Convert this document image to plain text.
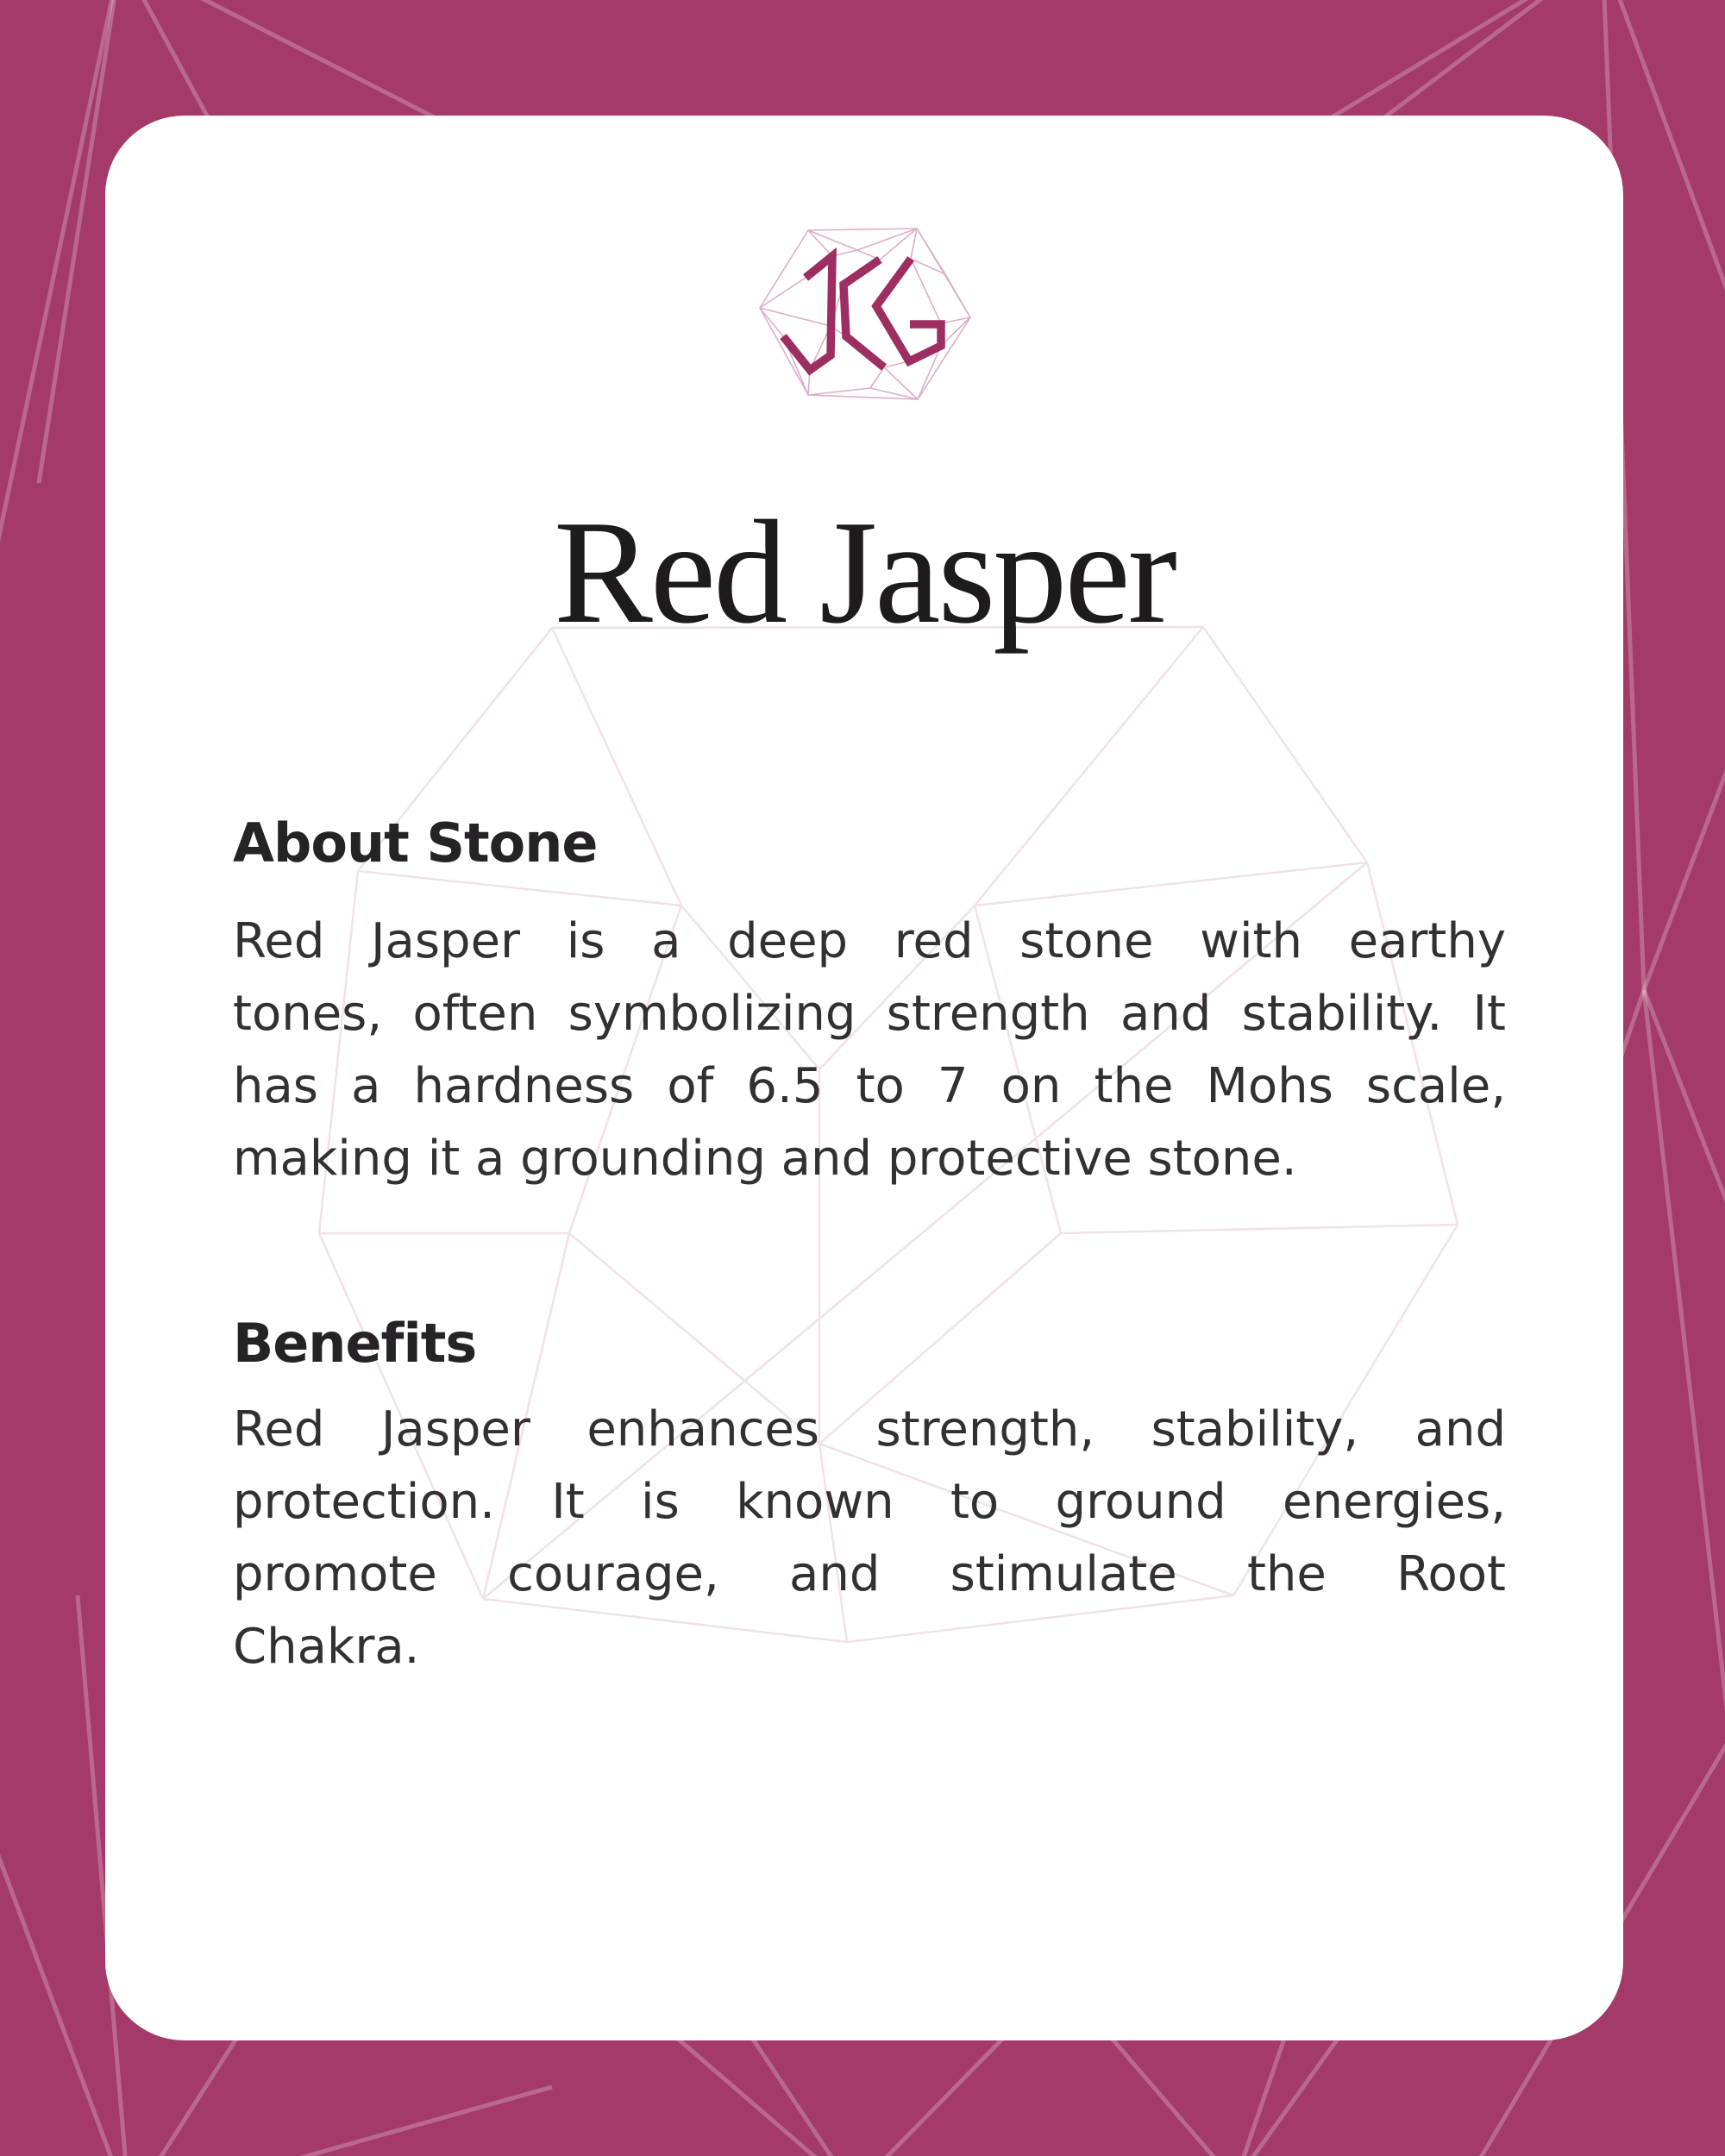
Red Jasper
About Stone
Red Jasper is a deep red stone with earthy
tones, often symbolizing strength and stability. It
has a hardness of 6.5 to 7 on the Mohs scale,
making it a grounding and protective stone.
Benefits
Red Jasper enhances strength, stability, and
protection. It is known to ground energies,
promote courage, and stimulate the Root
Chakra.
